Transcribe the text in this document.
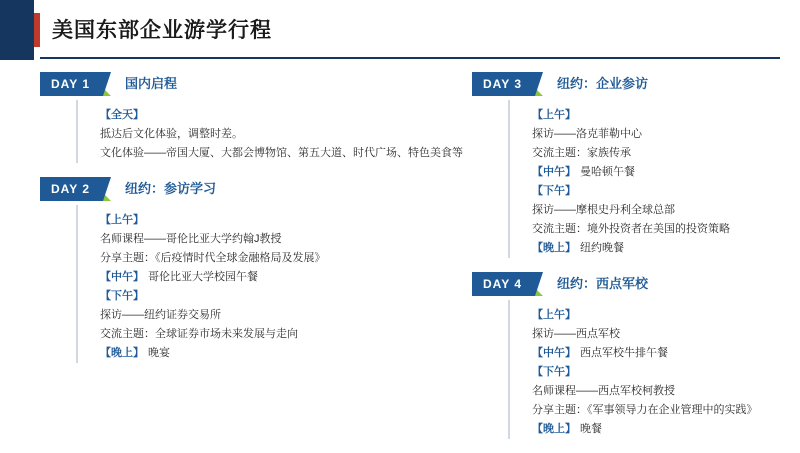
美国东部企业游学行程
DAY 1	国内启程
【全天】
抵达后文化体验，调整时差。
文化体验——帝国大厦、大都会博物馆、第五大道、时代广场、特色美食等
DAY 2	纽约：参访学习
【上午】
名师课程——哥伦比亚大学约翰J教授
分享主题：《后疫情时代全球金融格局及发展》
【中午】 哥伦比亚大学校园午餐
【下午】
探访——纽约证券交易所
交流主题：全球证券市场未来发展与走向
【晚上】 晚宴
DAY 3	纽约：企业参访
【上午】
探访——洛克菲勒中心
交流主题：家族传承
【中午】 曼哈顿午餐
【下午】
探访——摩根史丹利全球总部
交流主题：境外投资者在美国的投资策略
【晚上】 纽约晚餐
DAY 4	纽约：西点军校
【上午】
探访——西点军校
【中午】 西点军校牛排午餐
【下午】
名师课程——西点军校柯教授
分享主题：《军事领导力在企业管理中的实践》
【晚上】 晚餐
